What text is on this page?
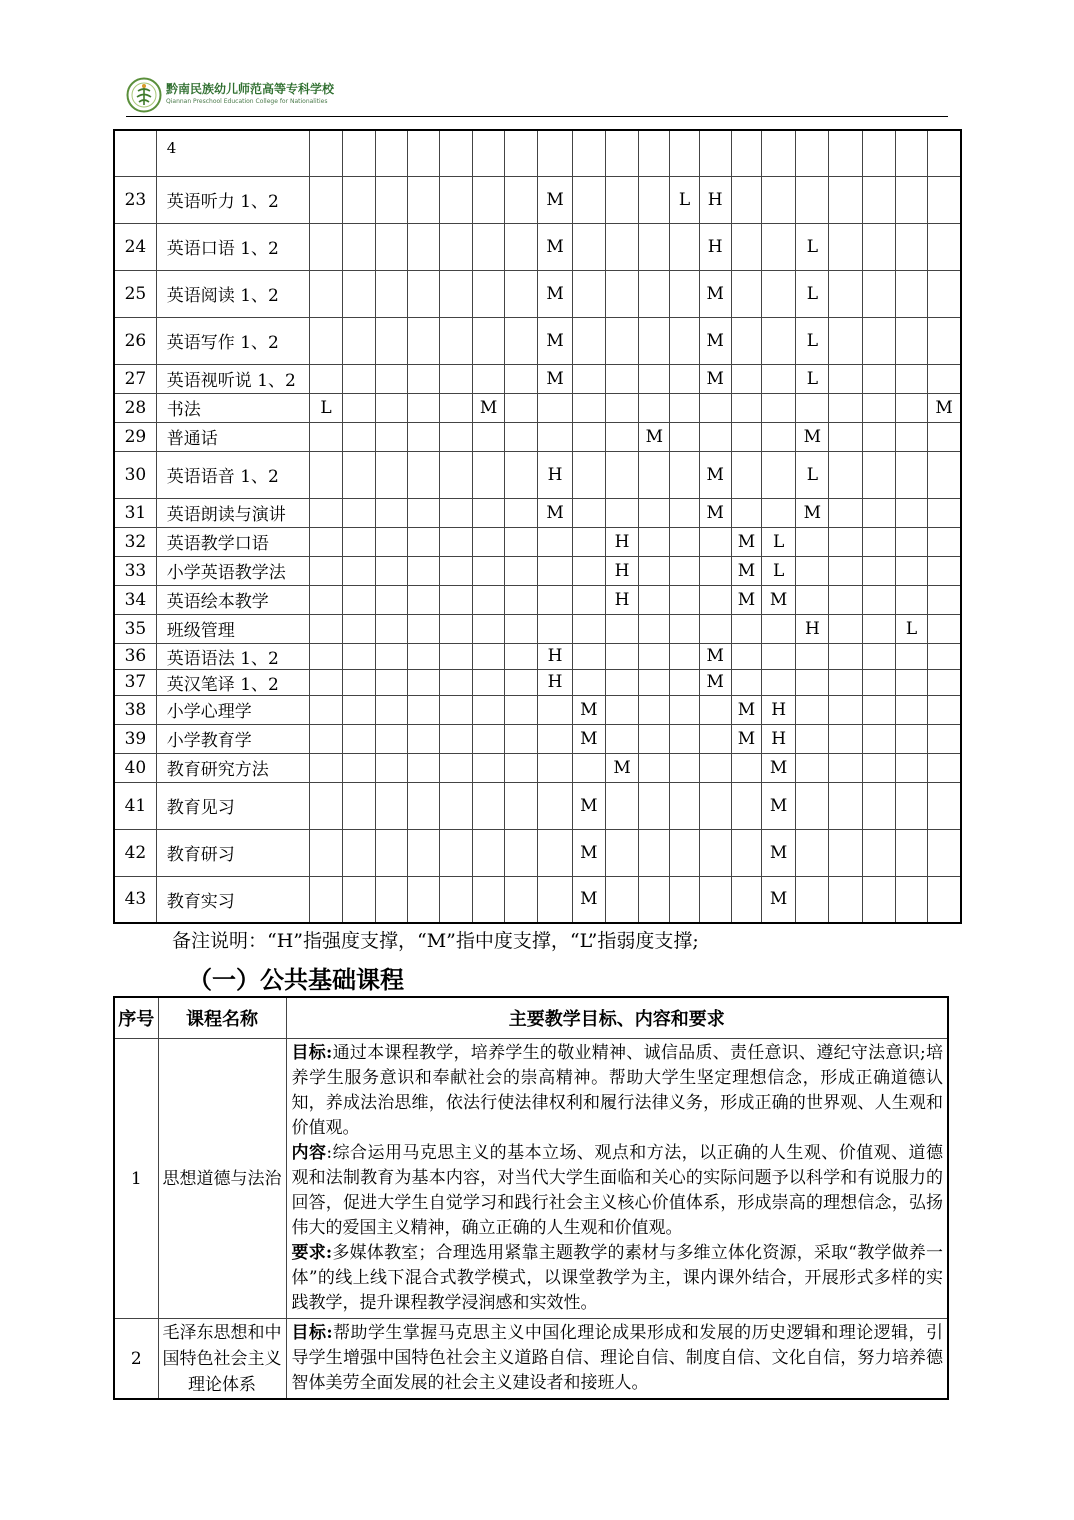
黔南民族幼儿师范高等专科学校
Qiannan Preschool Education College for Nationalities
	4																				
23	英语听力 1、2								M				L	H							
24	英语口语 1、2								M					H			L				
25	英语阅读 1、2								M					M			L				
26	英语写作 1、2								M					M			L				
27	英语视听说 1、2								M					M			L				
28	书法	L					M														M
29	普通话											M					M				
30	英语语音 1、2								H					M			L				
31	英语朗读与演讲								M					M			M				
32	英语教学口语										H				M	L					
33	小学英语教学法										H				M	L					
34	英语绘本教学										H				M	M					
35	班级管理																H			L	
36	英语语法 1、2								H					M							
37	英汉笔译 1、2								H					M							
38	小学心理学									M					M	H					
39	小学教育学									M					M	H					
40	教育研究方法										M					M					
41	教育见习									M						M					
42	教育研习									M						M					
43	教育实习									M						M					
备注说明：“H”指强度支撑，“M”指中度支撑，“L”指弱度支撑;
（一）公共基础课程
序号	课程名称	主要教学目标、内容和要求
1	思想道德与法治	目标:通过本课程教学，培养学生的敬业精神、诚信品质、责任意识、遵纪守法意识;培养学生服务意识和奉献社会的崇高精神。帮助大学生坚定理想信念，形成正确道德认知，养成法治思维，依法行使法律权利和履行法律义务，形成正确的世界观、人生观和价值观。
内容:综合运用马克思主义的基本立场、观点和方法，以正确的人生观、价值观、道德观和法制教育为基本内容，对当代大学生面临和关心的实际问题予以科学和有说服力的回答，促进大学生自觉学习和践行社会主义核心价值体系，形成崇高的理想信念，弘扬伟大的爱国主义精神，确立正确的人生观和价值观。
要求:多媒体教室；合理选用紧靠主题教学的素材与多维立体化资源，采取“教学做养一体”的线上线下混合式教学模式，以课堂教学为主，课内课外结合，开展形式多样的实践教学，提升课程教学浸润感和实效性。
2	毛泽东思想和中国特色社会主义理论体系	目标:帮助学生掌握马克思主义中国化理论成果形成和发展的历史逻辑和理论逻辑，引导学生增强中国特色社会主义道路自信、理论自信、制度自信、文化自信，努力培养德智体美劳全面发展的社会主义建设者和接班人。
